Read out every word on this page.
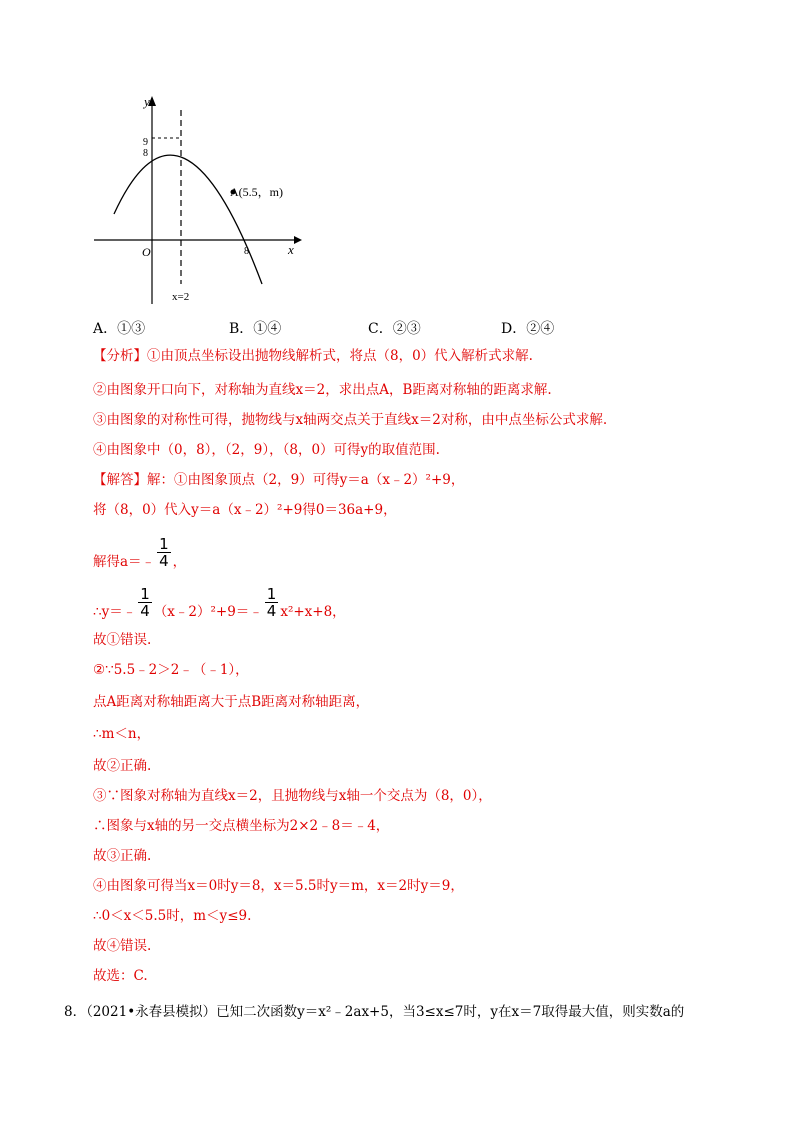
y
x
O
9
8
8
A(5.5，m)
x=2
A．①③	B．①④	C．②③	D．②④
【分析】①由顶点坐标设出抛物线解析式，将点（8，0）代入解析式求解.
②由图象开口向下，对称轴为直线x＝2，求出点A，B距离对称轴的距离求解.
③由图象的对称性可得，抛物线与x轴两交点关于直线x＝2对称，由中点坐标公式求解.
④由图象中（0，8），（2，9），（8，0）可得y的取值范围.
【解答】解：①由图象顶点（2，9）可得y＝a（x﹣2）²+9，
将（8，0）代入y＝a（x﹣2）²+9得0＝36a+9，
解得a＝﹣ $\frac{1}{4}$ ，
∴y＝﹣ $\frac{1}{4}$ （x﹣2）²+9＝﹣ $\frac{1}{4} x^2+x+8$，
故①错误.
②∵5.5﹣2＞2﹣（﹣1），
点A距离对称轴距离大于点B距离对称轴距离，
∴m＜n，
故②正确.
③∵图象对称轴为直线x＝2，且抛物线与x轴一个交点为（8，0），
∴图象与x轴的另一交点横坐标为2×2﹣8＝﹣4，
故③正确.
④由图象可得当x＝0时y＝8，x＝5.5时y＝m，x＝2时y＝9，
∴0＜x＜5.5时，m＜y≤9.
故④错误.
故选：C.
8．（2021•永春县模拟）已知二次函数y＝x²﹣2ax+5，当3≤x≤7时，y在x＝7取得最大值，则实数a的
